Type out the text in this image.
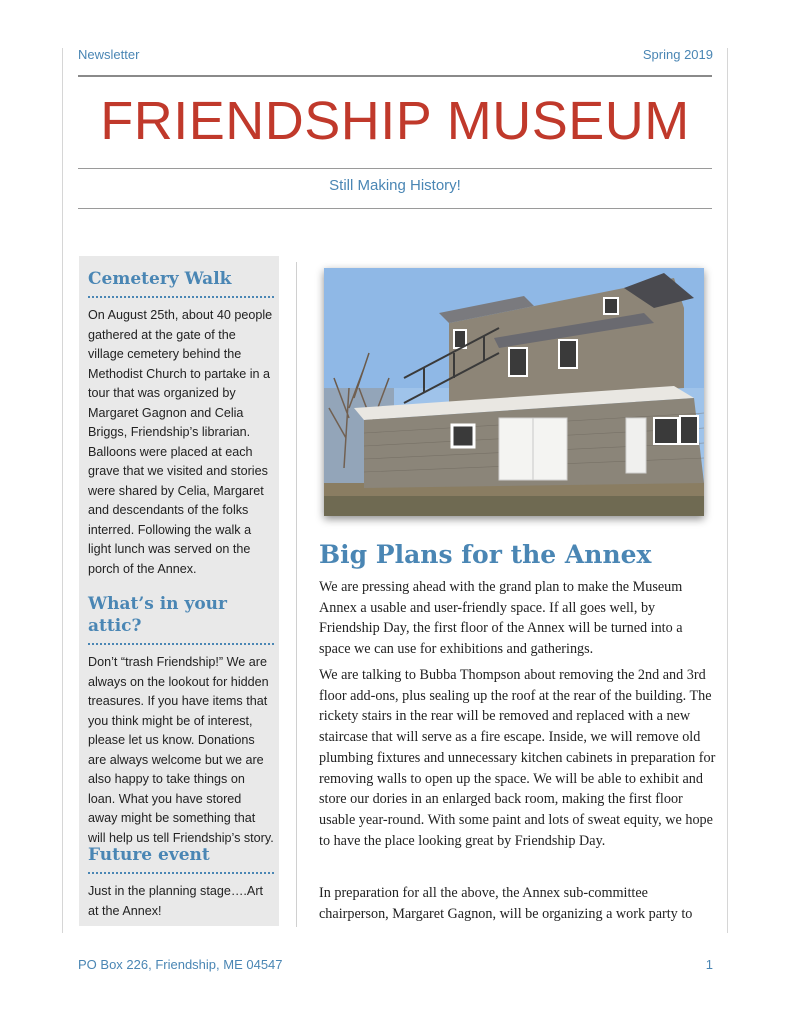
Newsletter	Spring 2019
FRIENDSHIP MUSEUM
Still Making History!
Cemetery Walk

On August 25th, about 40 people gathered at the gate of the village cemetery behind the Methodist Church to partake in a tour that was organized by Margaret Gagnon and Celia Briggs, Friendship’s librarian. Balloons were placed at each grave that we visited and stories were shared by Celia, Margaret and descendants of the folks interred. Following the walk a light lunch was served on the porch of the Annex.

What’s in your attic?

Don’t “trash Friendship!” We are always on the lookout for hidden treasures. If you have items that you think might be of interest, please let us know. Donations are always welcome but we are also happy to take things on loan. What you have stored away might be something that will help us tell Friendship’s story.

Future event

Just in the planning stage….Art at the Annex!

Big Plans for the Annex

We are pressing ahead with the grand plan to make the Museum Annex a usable and user-friendly space. If all goes well, by Friendship Day, the first floor of the Annex will be turned into a space we can use for exhibitions and gatherings.

We are talking to Bubba Thompson about removing the 2nd and 3rd floor add-ons, plus sealing up the roof at the rear of the building. The rickety stairs in the rear will be removed and replaced with a new staircase that will serve as a fire escape. Inside, we will remove old plumbing fixtures and unnecessary kitchen cabinets in preparation for removing walls to open up the space. We will be able to exhibit and store our dories in an enlarged back room, making the first floor usable year-round. With some paint and lots of sweat equity, we hope to have the place looking great by Friendship Day.

In preparation for all the above, the Annex sub-committee chairperson, Margaret Gagnon, will be organizing a work party to

PO Box 226, Friendship, ME 04547	1
